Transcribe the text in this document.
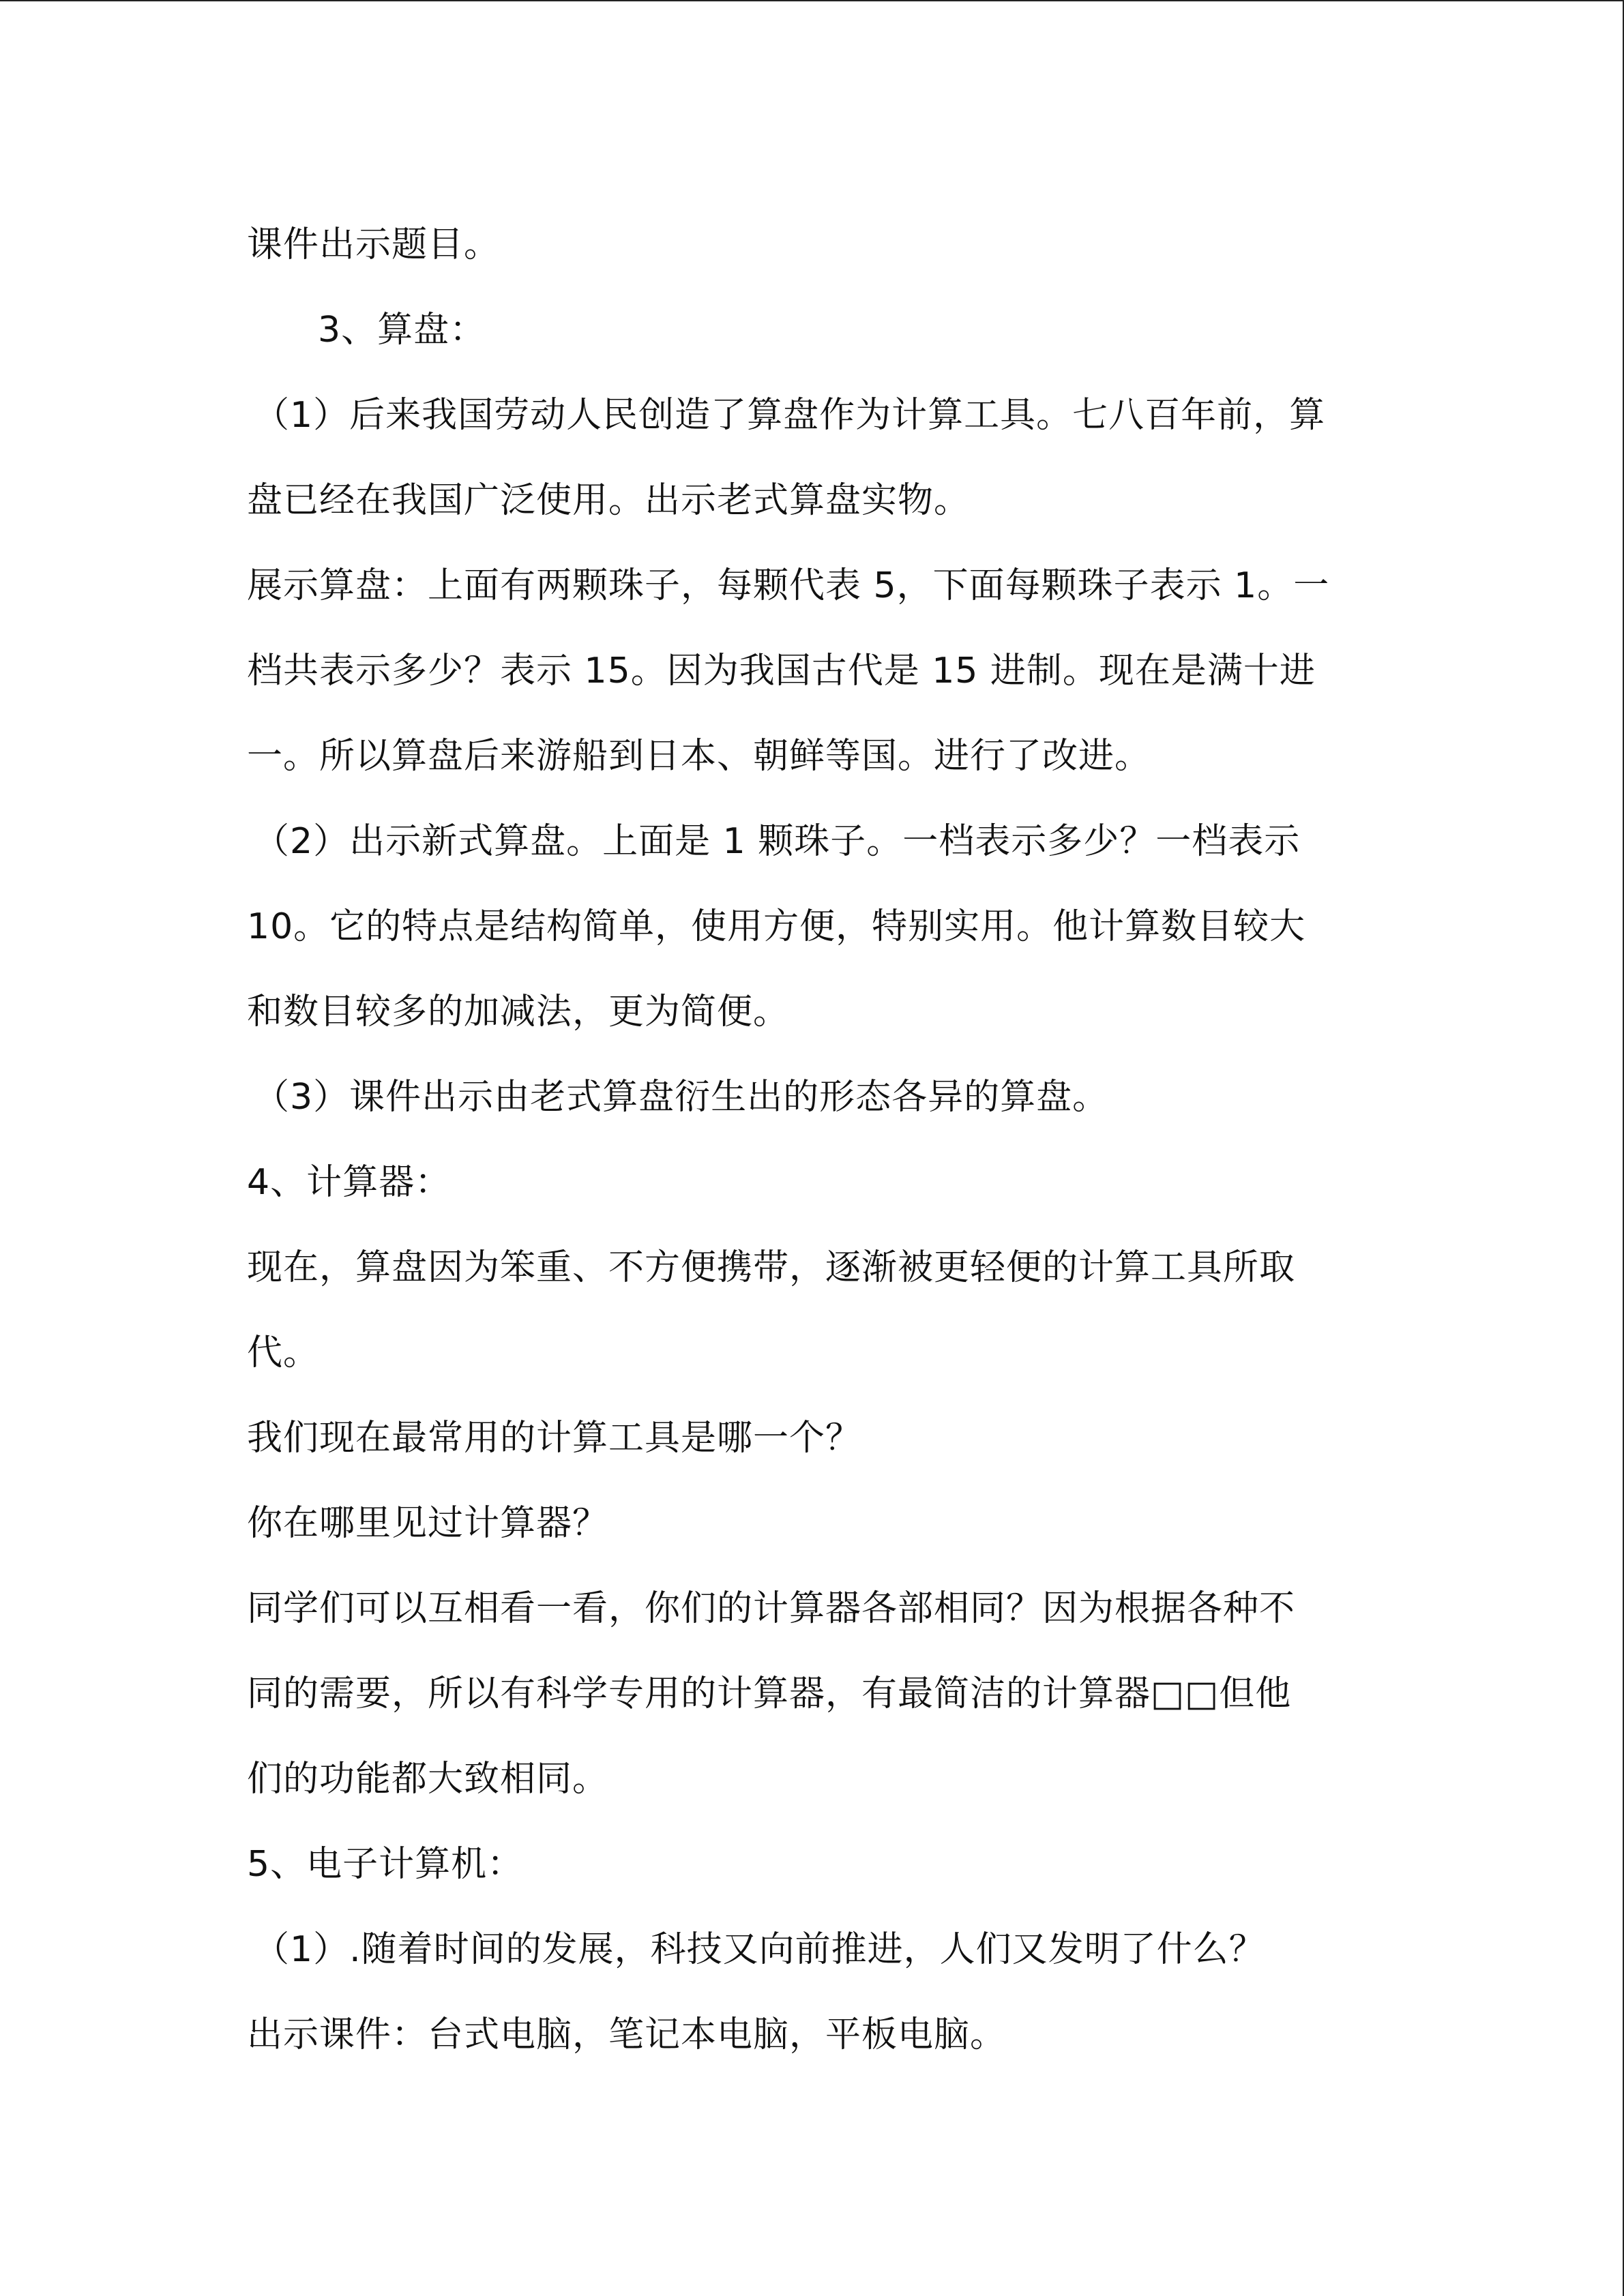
课件出示题目。
3、算盘：
（1）后来我国劳动人民创造了算盘作为计算工具。七八百年前，算
盘已经在我国广泛使用。出示老式算盘实物。
展示算盘：上面有两颗珠子，每颗代表 5，下面每颗珠子表示 1。一
档共表示多少？表示 15。因为我国古代是 15 进制。现在是满十进
一。所以算盘后来游船到日本、朝鲜等国。进行了改进。
（2）出示新式算盘。上面是 1 颗珠子。一档表示多少？一档表示
10。它的特点是结构简单，使用方便，特别实用。他计算数目较大
和数目较多的加减法，更为简便。
（3）课件出示由老式算盘衍生出的形态各异的算盘。
4、计算器：
现在，算盘因为笨重、不方便携带，逐渐被更轻便的计算工具所取
代。
我们现在最常用的计算工具是哪一个？
你在哪里见过计算器？
同学们可以互相看一看，你们的计算器各部相同？因为根据各种不
同的需要，所以有科学专用的计算器，有最简洁的计算器□□但他
们的功能都大致相同。
5、电子计算机：
（1）.随着时间的发展，科技又向前推进，人们又发明了什么？
出示课件：台式电脑，笔记本电脑，平板电脑。
